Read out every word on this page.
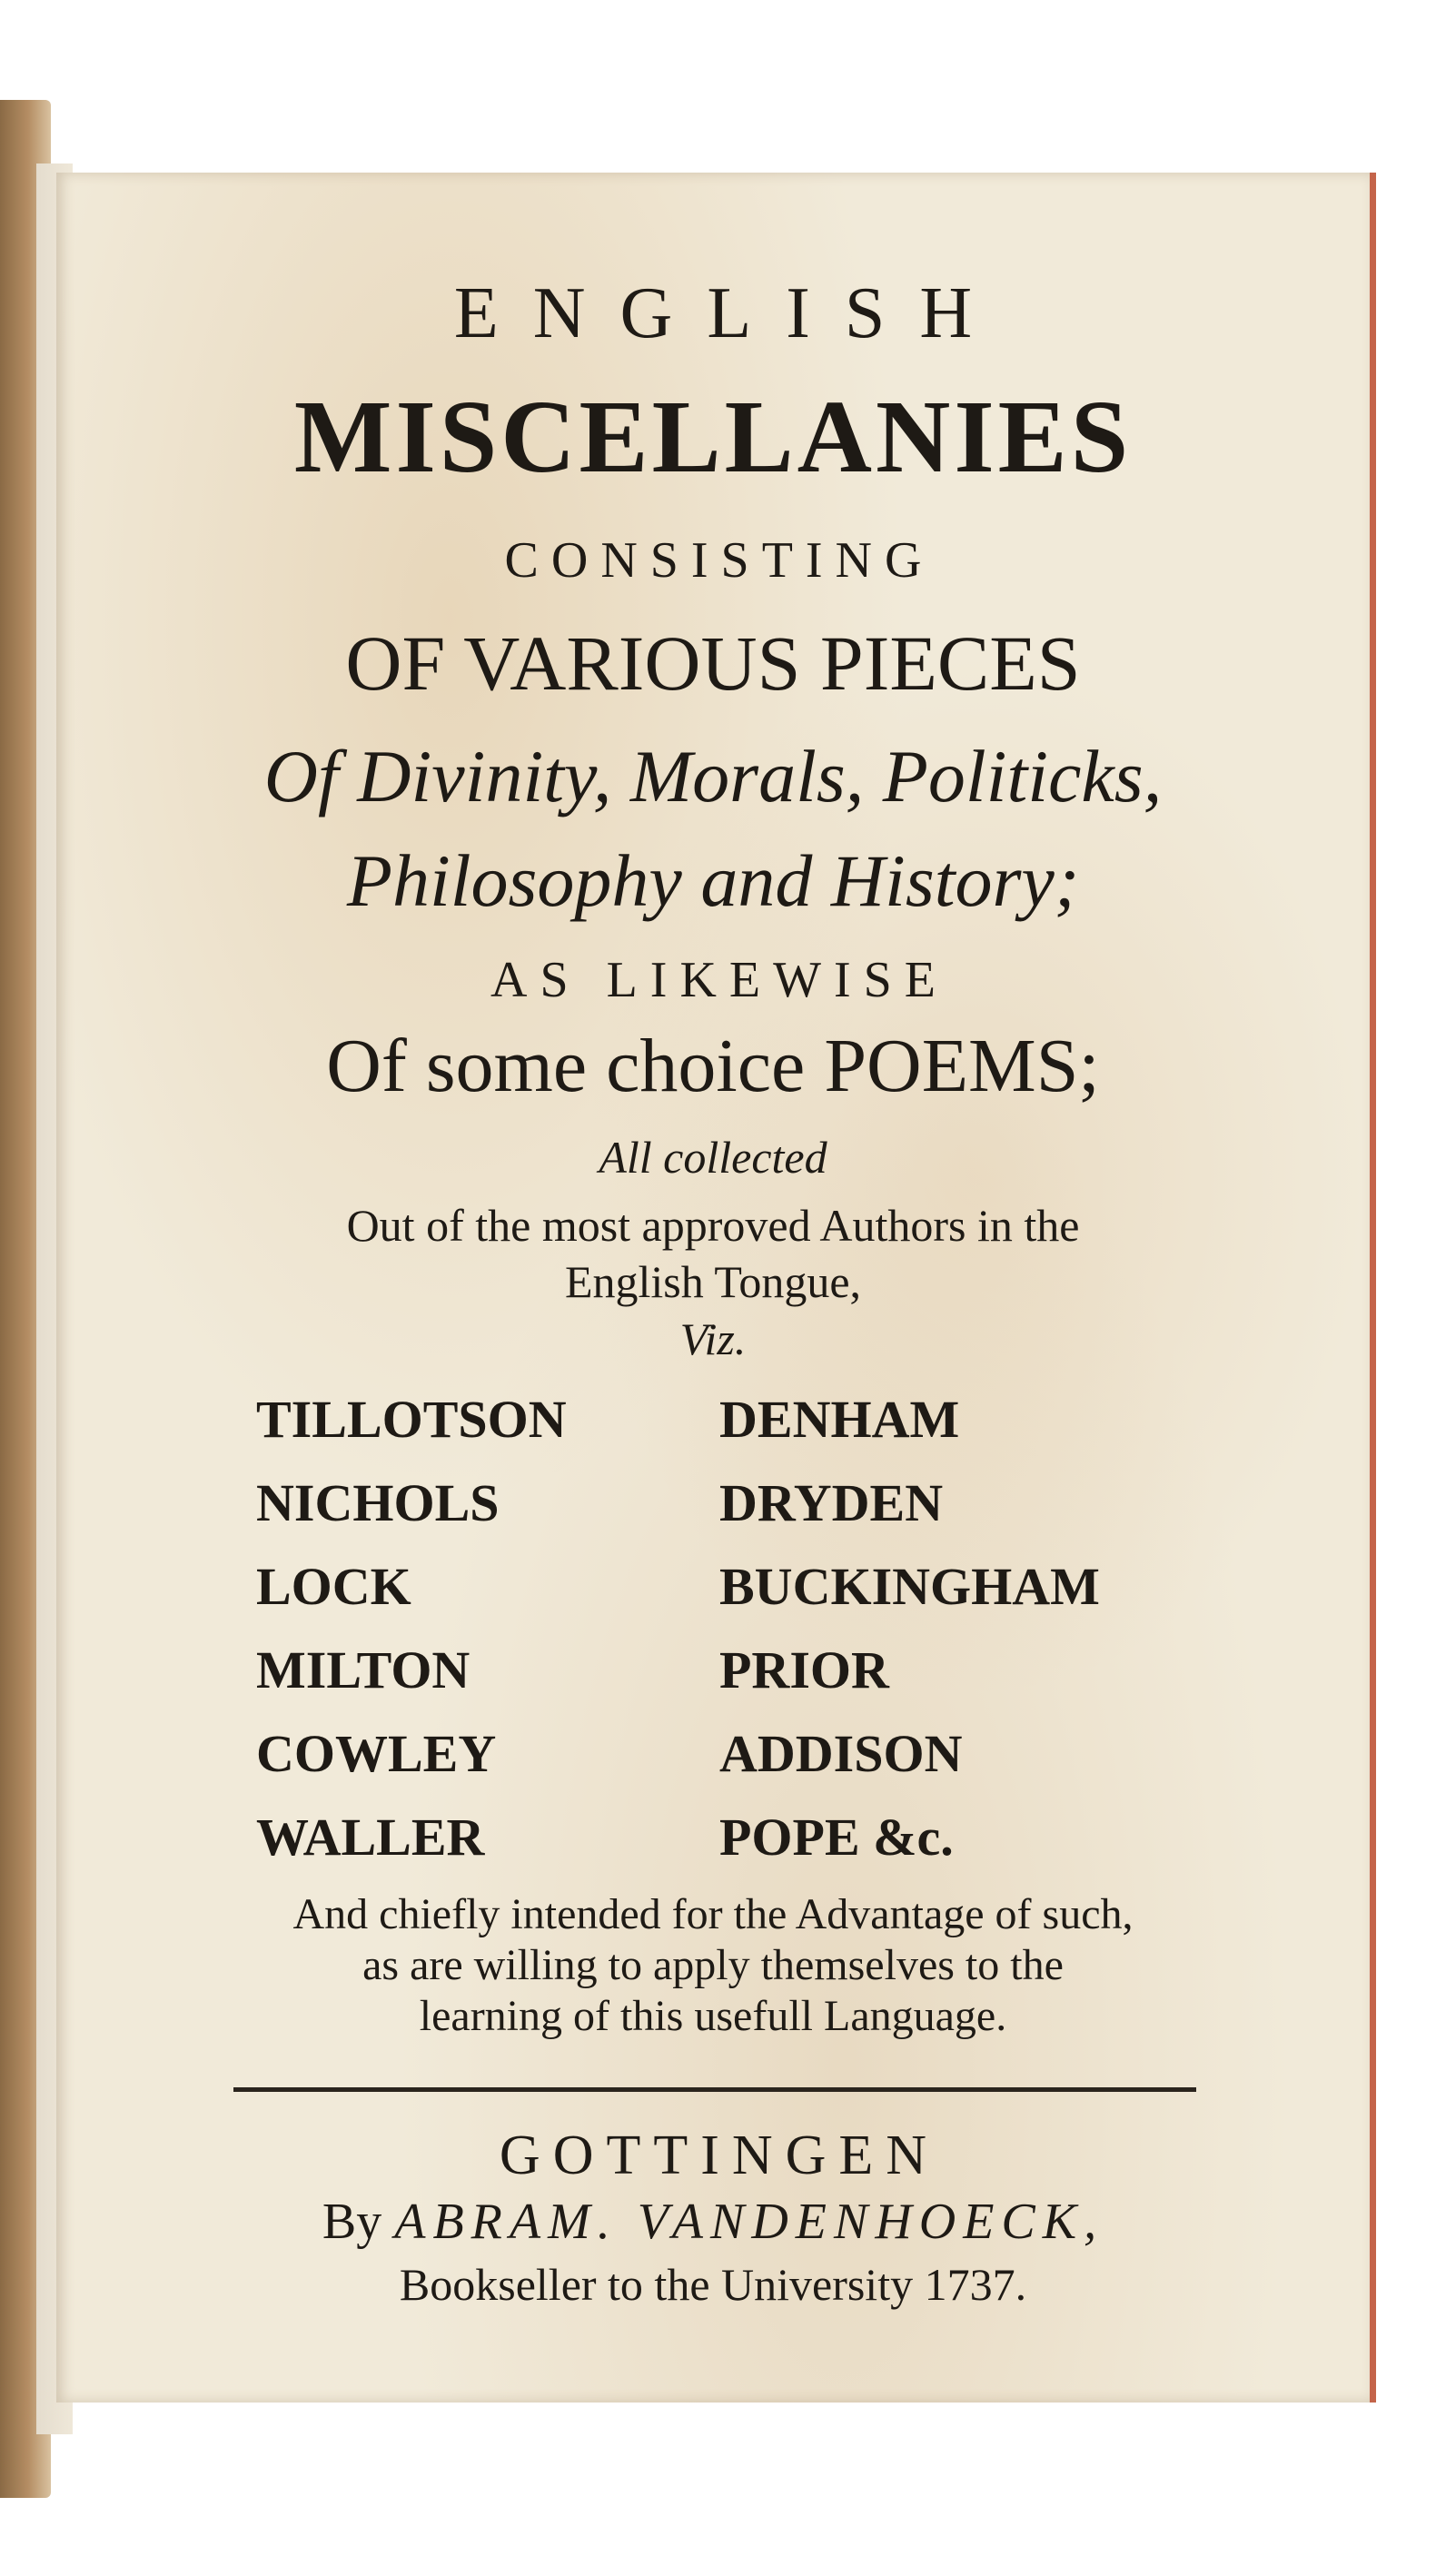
ENGLISH

MISCELLANIES

CONSISTING

OF VARIOUS PIECES

Of Divinity, Morals, Politicks,

Philosophy and History;

AS LIKEWISE

Of some choice POEMS;

All collected

Out of the most approved Authors in the

English Tongue,

Viz.

TILLOTSON	DENHAM
NICHOLS	DRYDEN
LOCK	BUCKINGHAM
MILTON	PRIOR
COWLEY	ADDISON
WALLER	POPE &c.

And chiefly intended for the Advantage of such,

as are willing to apply themselves to the

learning of this usefull Language.

GOTTINGEN

By ABRAM. VANDENHOECK,

Bookseller to the University 1737.
